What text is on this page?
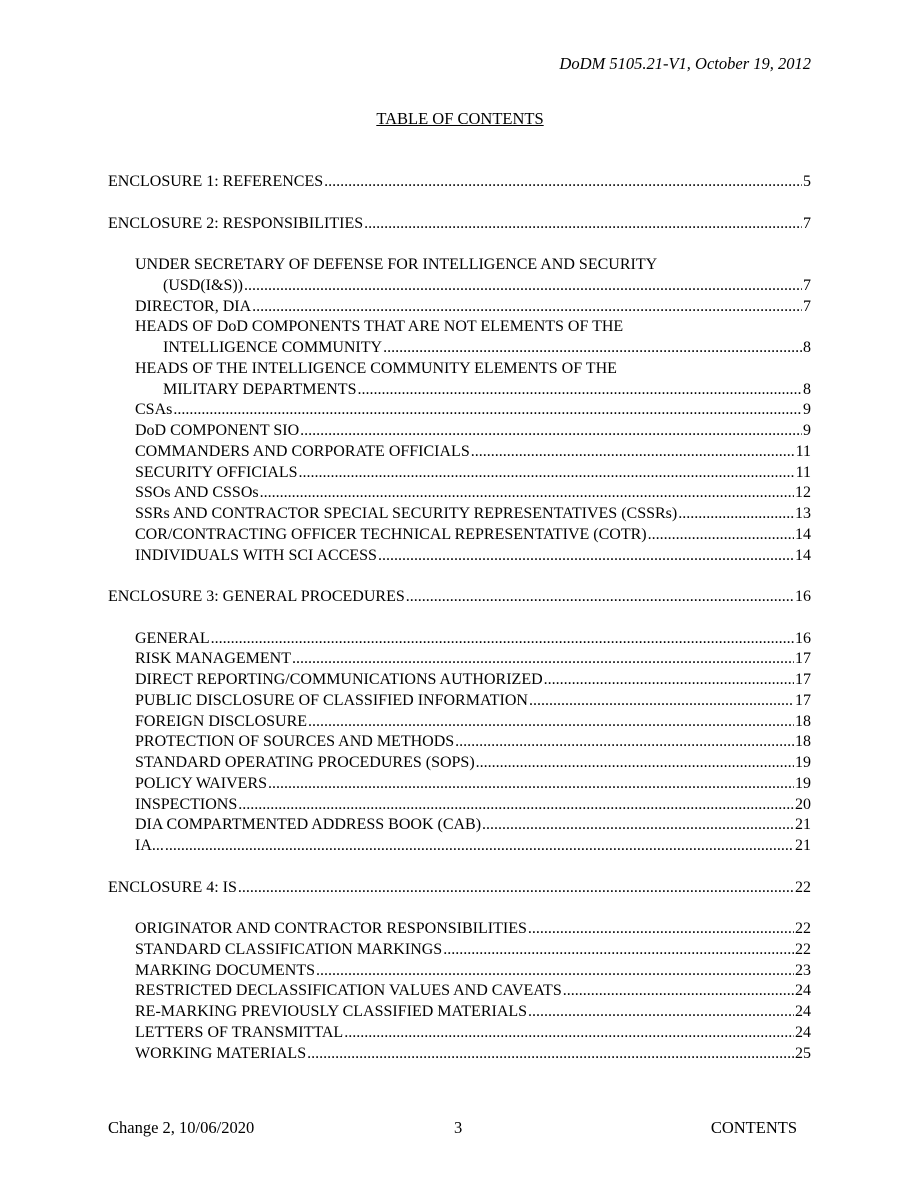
DoDM 5105.21-V1, October 19, 2012
TABLE OF CONTENTS
ENCLOSURE 1: REFERENCES .....	5
ENCLOSURE 2: RESPONSIBILITIES .....	7
UNDER SECRETARY OF DEFENSE FOR INTELLIGENCE AND SECURITY
(USD(I&S)) .....	7
DIRECTOR, DIA .....	7
HEADS OF DoD COMPONENTS THAT ARE NOT ELEMENTS OF THE
INTELLIGENCE COMMUNITY .....	8
HEADS OF THE INTELLIGENCE COMMUNITY ELEMENTS OF THE
MILITARY DEPARTMENTS .....	8
CSAs .....	9
DoD COMPONENT SIO .....	9
COMMANDERS AND CORPORATE OFFICIALS .....	11
SECURITY OFFICIALS .....	11
SSOs AND CSSOs .....	12
SSRs AND CONTRACTOR SPECIAL SECURITY REPRESENTATIVES (CSSRs) .....	13
COR/CONTRACTING OFFICER TECHNICAL REPRESENTATIVE (COTR) .....	14
INDIVIDUALS WITH SCI ACCESS .....	14
ENCLOSURE 3: GENERAL PROCEDURES .....	16
GENERAL .....	16
RISK MANAGEMENT .....	17
DIRECT REPORTING/COMMUNICATIONS AUTHORIZED .....	17
PUBLIC DISCLOSURE OF CLASSIFIED INFORMATION .....	17
FOREIGN DISCLOSURE .....	18
PROTECTION OF SOURCES AND METHODS .....	18
STANDARD OPERATING PROCEDURES (SOPS) .....	19
POLICY WAIVERS .....	19
INSPECTIONS .....	20
DIA COMPARTMENTED ADDRESS BOOK (CAB) .....	21
IA... .....	21
ENCLOSURE 4: IS .....	22
ORIGINATOR AND CONTRACTOR RESPONSIBILITIES .....	22
STANDARD CLASSIFICATION MARKINGS .....	22
MARKING DOCUMENTS .....	23
RESTRICTED DECLASSIFICATION VALUES AND CAVEATS .....	24
RE-MARKING PREVIOUSLY CLASSIFIED MATERIALS .....	24
LETTERS OF TRANSMITTAL .....	24
WORKING MATERIALS .....	25
Change 2, 10/06/2020	3	CONTENTS
